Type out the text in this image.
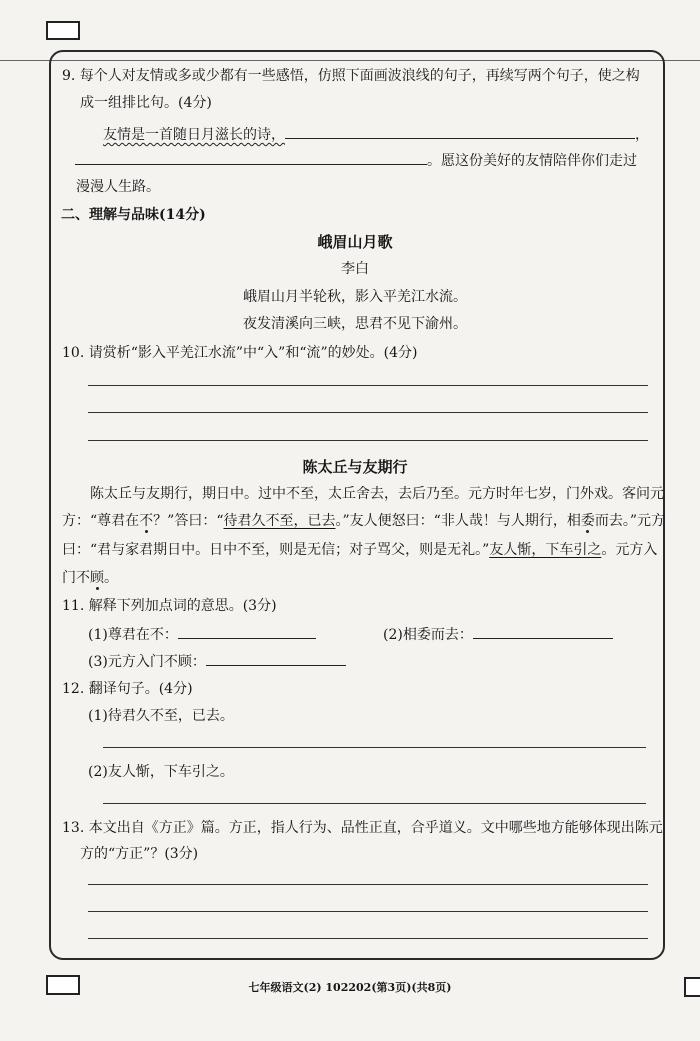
9. 每个人对友情或多或少都有一些感悟，仿照下面画波浪线的句子，再续写两个句子，使之构
成一组排比句。(4分)
友情是一首随日月滋长的诗，	，
。愿这份美好的友情陪伴你们走过
漫漫人生路。
二、理解与品味(14分)
峨眉山月歌
李白
峨眉山月半轮秋，影入平羌江水流。
夜发清溪向三峡，思君不见下渝州。
10. 请赏析“影入平羌江水流”中“入”和“流”的妙处。(4分)
陈太丘与友期行
陈太丘与友期行，期日中。过中不至，太丘舍去，去后乃至。元方时年七岁，门外戏。客问元
方：“尊君在不？”答曰：“待君久不至，已去。”友人便怒曰：“非人哉！与人期行，相委而去。”元方
曰：“君与家君期日中。日中不至，则是无信；对子骂父，则是无礼。”友人惭，下车引之。元方入
门不顾。
11. 解释下列加点词的意思。(3分)
(1)尊君在不：	(2)相委而去：
(3)元方入门不顾：
12. 翻译句子。(4分)
(1)待君久不至，已去。
(2)友人惭，下车引之。
13. 本文出自《方正》篇。方正，指人行为、品性正直，合乎道义。文中哪些地方能够体现出陈元
方的“方正”？(3分)
七年级语文(2) 102202(第3页)(共8页)
